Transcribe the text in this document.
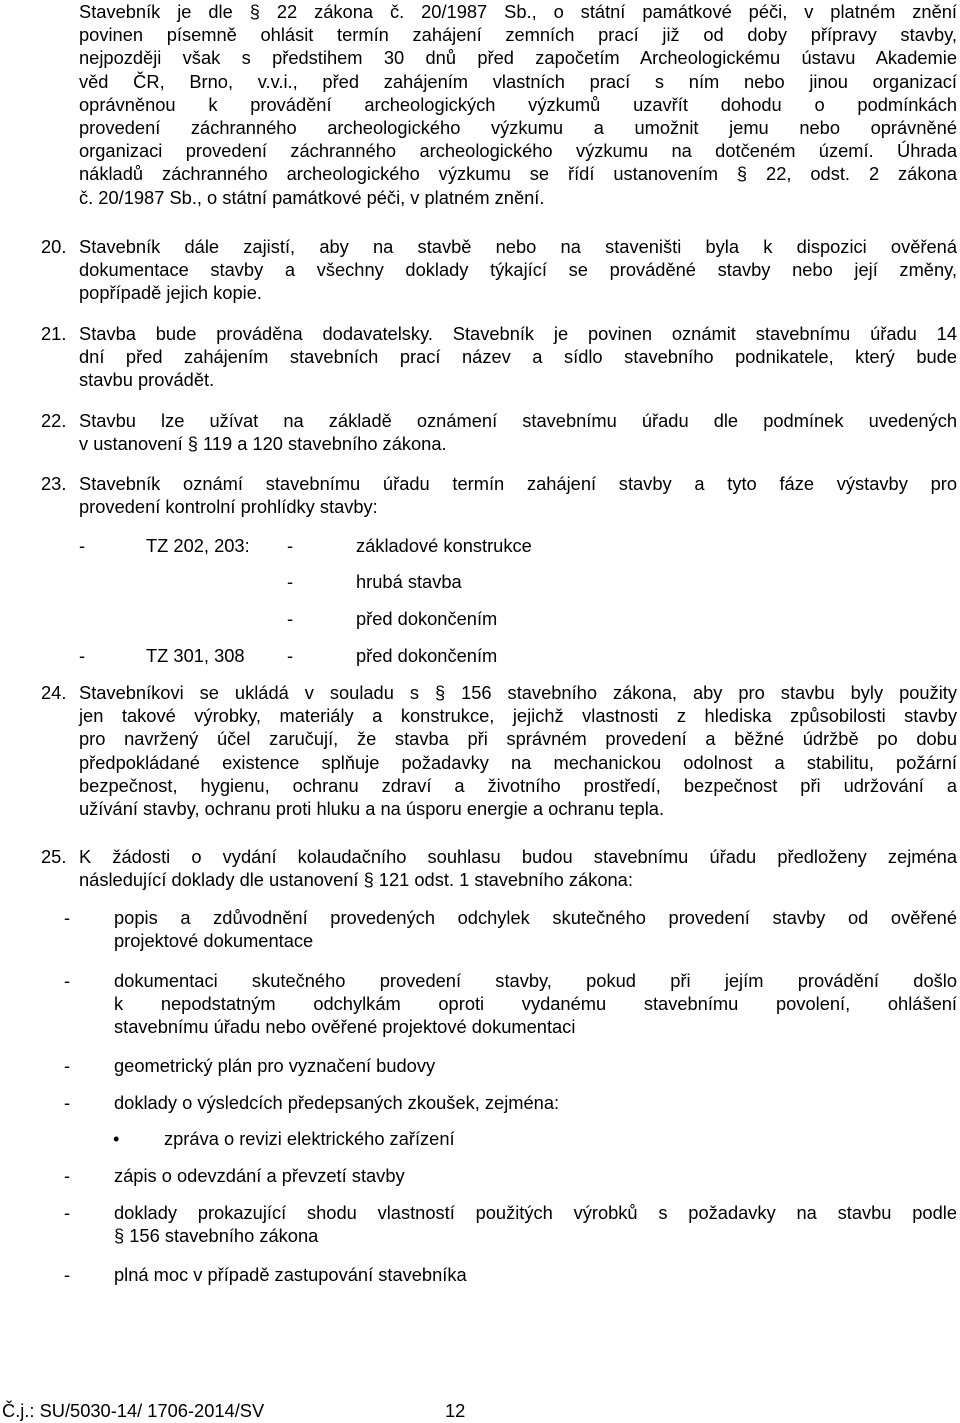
Stavebník je dle § 22 zákona č. 20/1987 Sb., o státní památkové péči, v platném znění
povinen písemně ohlásit termín zahájení zemních prací již od doby přípravy stavby,
nejpozději však s předstihem 30 dnů před započetím Archeologickému ústavu Akademie
věd ČR, Brno, v.v.i., před zahájením vlastních prací s ním nebo jinou organizací
oprávněnou k provádění archeologických výzkumů uzavřít dohodu o podmínkách
provedení záchranného archeologického výzkumu a umožnit jemu nebo oprávněné
organizaci provedení záchranného archeologického výzkumu na dotčeném území. Úhrada
nákladů záchranného archeologického výzkumu se řídí ustanovením § 22, odst. 2 zákona
č. 20/1987 Sb., o státní památkové péči, v platném znění.
20. Stavebník dále zajistí, aby na stavbě nebo na staveništi byla k dispozici ověřená
dokumentace stavby a všechny doklady týkající se prováděné stavby nebo její změny,
popřípadě jejich kopie.
21. Stavba bude prováděna dodavatelsky. Stavebník je povinen oznámit stavebnímu úřadu 14
dní před zahájením stavebních prací název a sídlo stavebního podnikatele, který bude
stavbu provádět.
22. Stavbu lze užívat na základě oznámení stavebnímu úřadu dle podmínek uvedených
v ustanovení § 119 a 120 stavebního zákona.
23. Stavebník oznámí stavebnímu úřadu termín zahájení stavby a tyto fáze výstavby pro
provedení kontrolní prohlídky stavby:
-	TZ 202, 203: -	základové konstrukce
-	hrubá stavba
-	před dokončením
-	TZ 301, 308 -	před dokončením
24. Stavebníkovi se ukládá v souladu s § 156 stavebního zákona, aby pro stavbu byly použity
jen takové výrobky, materiály a konstrukce, jejichž vlastnosti z hlediska způsobilosti stavby
pro navržený účel zaručují, že stavba při správném provedení a běžné údržbě po dobu
předpokládané existence splňuje požadavky na mechanickou odolnost a stabilitu, požární
bezpečnost, hygienu, ochranu zdraví a životního prostředí, bezpečnost při udržování a
užívání stavby, ochranu proti hluku a na úsporu energie a ochranu tepla.
25. K žádosti o vydání kolaudačního souhlasu budou stavebnímu úřadu předloženy zejména
následující doklady dle ustanovení § 121 odst. 1 stavebního zákona:
- popis a zdůvodnění provedených odchylek skutečného provedení stavby od ověřené
projektové dokumentace
- dokumentaci skutečného provedení stavby, pokud při jejím provádění došlo
k nepodstatným odchylkám oproti vydanému stavebnímu povolení, ohlášení
stavebnímu úřadu nebo ověřené projektové dokumentaci
- geometrický plán pro vyznačení budovy
- doklady o výsledcích předepsaných zkoušek, zejména:
• zpráva o revizi elektrického zařízení
- zápis o odevzdání a převzetí stavby
- doklady prokazující shodu vlastností použitých výrobků s požadavky na stavbu podle
§ 156 stavebního zákona
- plná moc v případě zastupování stavebníka
Č.j.: SU/5030-14/ 1706-2014/SV	12
